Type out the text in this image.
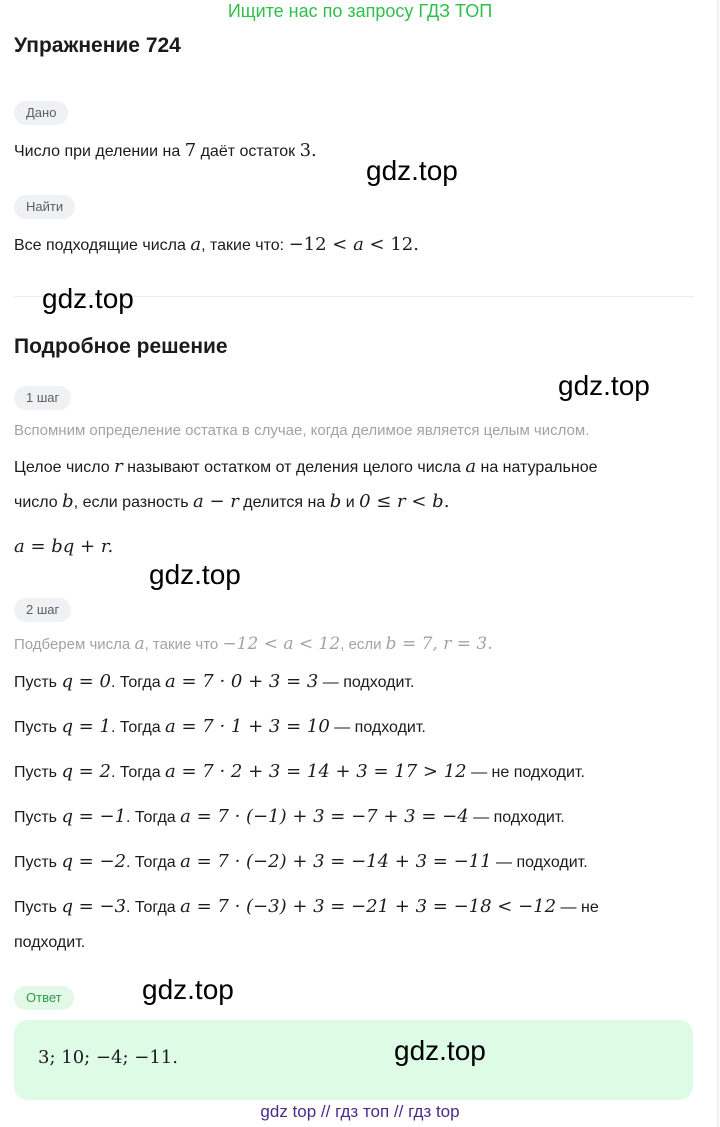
Ищите нас по запросу ГДЗ ТОП
Упражнение 724
Дано
Число при делении на 7 даёт остаток 3.
Найти
Все подходящие числа a, такие что: −12 < a < 12.
Подробное решение
1 шаг
Вспомним определение остатка в случае, когда делимое является целым числом.
Целое число r называют остатком от деления целого числа a на натуральное
число b, если разность a − r делится на b и 0 ≤ r < b.
a = bq + r.
2 шаг
Подберем числа a, такие что −12 < a < 12, если b = 7, r = 3.
Пусть q = 0. Тогда a = 7 · 0 + 3 = 3 — подходит.
Пусть q = 1. Тогда a = 7 · 1 + 3 = 10 — подходит.
Пусть q = 2. Тогда a = 7 · 2 + 3 = 14 + 3 = 17 > 12 — не подходит.
Пусть q = −1. Тогда a = 7 · (−1) + 3 = −7 + 3 = −4 — подходит.
Пусть q = −2. Тогда a = 7 · (−2) + 3 = −14 + 3 = −11 — подходит.
Пусть q = −3. Тогда a = 7 · (−3) + 3 = −21 + 3 = −18 < −12 — не
подходит.
Ответ
3; 10; −4; −11.
gdz.top
gdz.top
gdz.top
gdz.top
gdz.top
gdz.top
gdz top // гдз топ // гдз top
